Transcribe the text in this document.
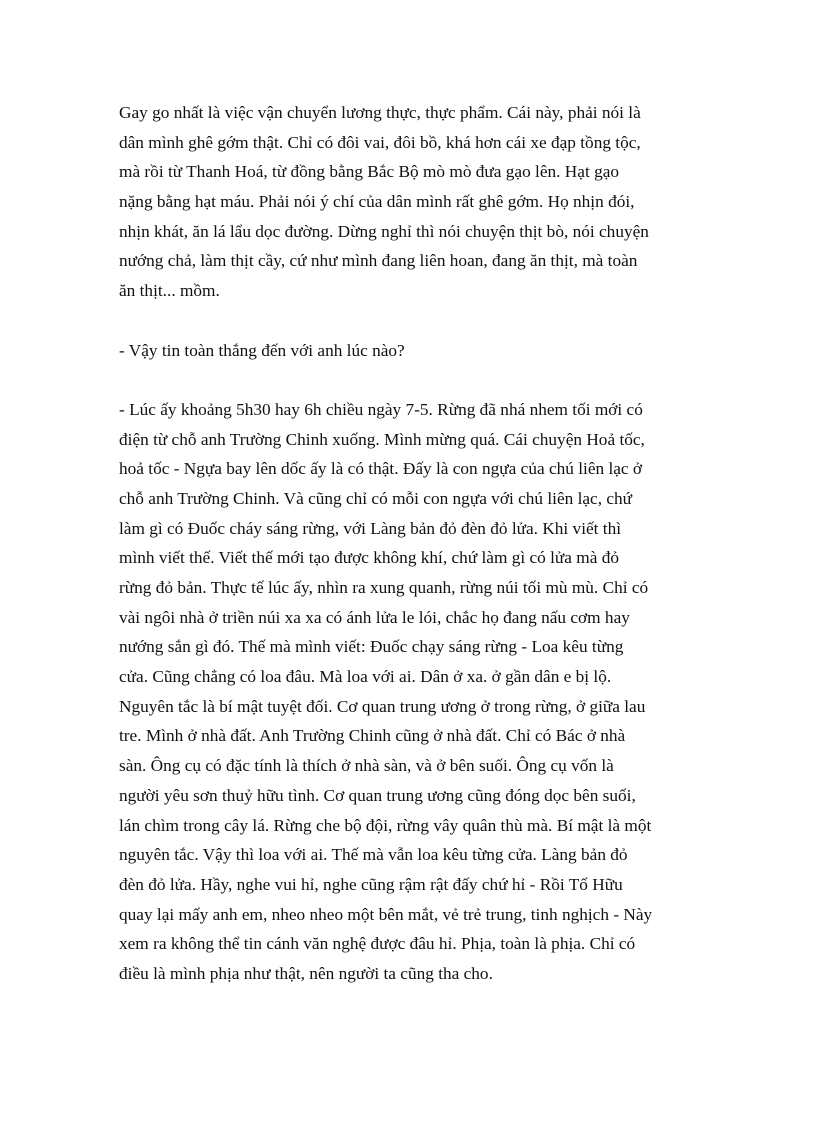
Gay go nhất là việc vận chuyển lương thực, thực phẩm. Cái này, phải nói là
dân mình ghê gớm thật. Chỉ có đôi vai, đôi bồ, khá hơn cái xe đạp tồng tộc,
mà rồi từ Thanh Hoá, từ đồng bằng Bắc Bộ mò mò đưa gạo lên. Hạt gạo
nặng bằng hạt máu. Phải nói ý chí của dân mình rất ghê gớm. Họ nhịn đói,
nhịn khát, ăn lá lẩu dọc đường. Dừng nghỉ thì nói chuyện thịt bò, nói chuyện
nướng chả, làm thịt cầy, cứ như mình đang liên hoan, đang ăn thịt, mà toàn
ăn thịt... mồm.
- Vậy tin toàn thắng đến với anh lúc nào?
- Lúc ấy khoảng 5h30 hay 6h chiều ngày 7-5. Rừng đã nhá nhem tối mới có
điện từ chỗ anh Trường Chinh xuống. Mình mừng quá. Cái chuyện Hoả tốc,
hoả tốc - Ngựa bay lên dốc ấy là có thật. Đấy là con ngựa của chú liên lạc ở
chỗ anh Trường Chinh. Và cũng chỉ có mỗi con ngựa với chú liên lạc, chứ
làm gì có Đuốc cháy sáng rừng, với Làng bản đỏ đèn đỏ lửa. Khi viết thì
mình viết thế. Viết thế mới tạo được không khí, chứ làm gì có lửa mà đỏ
rừng đỏ bản. Thực tế lúc ấy, nhìn ra xung quanh, rừng núi tối mù mù. Chỉ có
vài ngôi nhà ở triền núi xa xa có ánh lửa le lói, chắc họ đang nấu cơm hay
nướng sắn gì đó. Thế mà mình viết: Đuốc chạy sáng rừng - Loa kêu từng
cửa. Cũng chẳng có loa đâu. Mà loa với ai. Dân ở xa. ở gần dân e bị lộ.
Nguyên tắc là bí mật tuyệt đối. Cơ quan trung ương ở trong rừng, ở giữa lau
tre. Mình ở nhà đất. Anh Trường Chinh cũng ở nhà đất. Chỉ có Bác ở nhà
sàn. Ông cụ có đặc tính là thích ở nhà sàn, và ở bên suối. Ông cụ vốn là
người yêu sơn thuỷ hữu tình. Cơ quan trung ương cũng đóng dọc bên suối,
lán chìm trong cây lá. Rừng che bộ đội, rừng vây quân thù mà. Bí mật là một
nguyên tắc. Vậy thì loa với ai. Thế mà vẫn loa kêu từng cửa. Làng bản đỏ
đèn đỏ lửa. Hầy, nghe vui hỉ, nghe cũng rậm rật đấy chứ hỉ - Rồi Tố Hữu
quay lại mấy anh em, nheo nheo một bên mắt, vẻ trẻ trung, tinh nghịch - Này
xem ra không thể tin cánh văn nghệ được đâu hỉ. Phịa, toàn là phịa. Chỉ có
điều là mình phịa như thật, nên người ta cũng tha cho.
